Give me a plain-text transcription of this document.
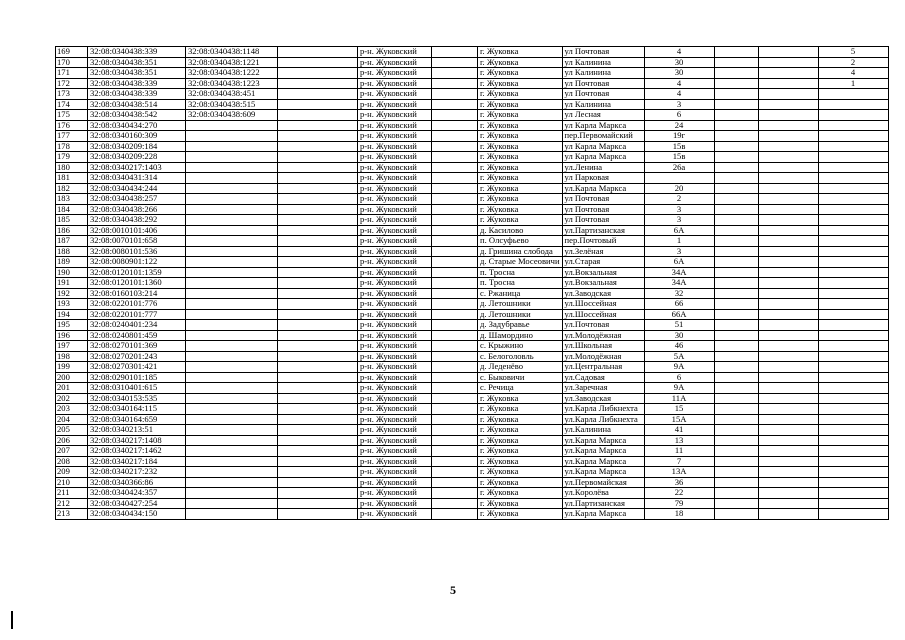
169	32:08:0340438:339	32:08:0340438:1148		р-н. Жуковский		г. Жуковка	ул Почтовая	4			5
170	32:08:0340438:351	32:08:0340438:1221		р-н. Жуковский		г. Жуковка	ул Калинина	30			2
171	32:08:0340438:351	32:08:0340438:1222		р-н. Жуковский		г. Жуковка	ул Калинина	30			4
172	32:08:0340438:339	32:08:0340438:1223		р-н. Жуковский		г. Жуковка	ул Почтовая	4			1
173	32:08:0340438:339	32:08:0340438:451		р-н. Жуковский		г. Жуковка	ул Почтовая	4			
174	32:08:0340438:514	32:08:0340438:515		р-н. Жуковский		г. Жуковка	ул Калинина	3			
175	32:08:0340438:542	32:08:0340438:609		р-н. Жуковский		г. Жуковка	ул Лесная	6			
176	32:08:0340434:270			р-н. Жуковский		г. Жуковка	ул Карла Маркса	24			
177	32:08:0340160:309			р-н. Жуковский		г. Жуковка	пер.Первомайский	19г			
178	32:08:0340209:184			р-н. Жуковский		г. Жуковка	ул Карла Маркса	15в			
179	32:08:0340209:228			р-н. Жуковский		г. Жуковка	ул Карла Маркса	15в			
180	32:08:0340217:1403			р-н. Жуковский		г. Жуковка	ул.Ленина	26а			
181	32:08:0340431:314			р-н. Жуковский		г. Жуковка	ул Парковая				
182	32:08:0340434:244			р-н. Жуковский		г. Жуковка	ул.Карла Маркса	20			
183	32:08:0340438:257			р-н. Жуковский		г. Жуковка	ул Почтовая	2			
184	32:08:0340438:266			р-н. Жуковский		г. Жуковка	ул Почтовая	3			
185	32:08:0340438:292			р-н. Жуковский		г. Жуковка	ул Почтовая	3			
186	32:08:0010101:406			р-н. Жуковский		д. Касилово	ул.Партизанская	6А			
187	32:08:0070101:658			р-н. Жуковский		п. Олсуфьево	пер.Почтовый	1			
188	32:08:0080101:536			р-н. Жуковский		д. Гришина слобода	ул.Зелёная	3			
189	32:08:0080901:122			р-н. Жуковский		д. Старые Мосеовичи	ул.Старая	6А			
190	32:08:0120101:1359			р-н. Жуковский		п. Тросна	ул.Вокзальная	34А			
191	32:08:0120101:1360			р-н. Жуковский		п. Тросна	ул.Вокзальная	34А			
192	32:08:0160103:214			р-н. Жуковский		с. Ржаница	ул.Заводская	32			
193	32:08:0220101:776			р-н. Жуковский		д. Летошники	ул.Шоссейная	66			
194	32:08:0220101:777			р-н. Жуковский		д. Летошники	ул.Шоссейная	66А			
195	32:08:0240401:234			р-н. Жуковский		д. Задубравье	ул.Почтовая	51			
196	32:08:0240801:459			р-н. Жуковский		д. Шамордино	ул.Молодёжная	30			
197	32:08:0270101:369			р-н. Жуковский		с. Крыжино	ул.Школьная	46			
198	32:08:0270201:243			р-н. Жуковский		с. Белоголовль	ул.Молодёжная	5А			
199	32:08:0270301:421			р-н. Жуковский		д. Леденёво	ул.Центральная	9А			
200	32:08:0290101:185			р-н. Жуковский		с. Быковичи	ул.Садовая	6			
201	32:08:0310401:615			р-н. Жуковский		с. Речица	ул.Заречная	9А			
202	32:08:0340153:535			р-н. Жуковский		г. Жуковка	ул.Заводская	11А			
203	32:08:0340164:115			р-н. Жуковский		г. Жуковка	ул.Карла Либкнехта	15			
204	32:08:0340164:659			р-н. Жуковский		г. Жуковка	ул.Карла Либкнехта	15А			
205	32:08:0340213:51			р-н. Жуковский		г. Жуковка	ул.Калинина	41			
206	32:08:0340217:1408			р-н. Жуковский		г. Жуковка	ул.Карла Маркса	13			
207	32:08:0340217:1462			р-н. Жуковский		г. Жуковка	ул.Карла Маркса	11			
208	32:08:0340217:184			р-н. Жуковский		г. Жуковка	ул.Карла Маркса	7			
209	32:08:0340217:232			р-н. Жуковский		г. Жуковка	ул.Карла Маркса	13А			
210	32:08:0340366:86			р-н. Жуковский		г. Жуковка	ул.Первомайская	36			
211	32:08:0340424:357			р-н. Жуковский		г. Жуковка	ул.Королёва	22			
212	32:08:0340427:254			р-н. Жуковский		г. Жуковка	ул.Партизанская	79			
213	32:08:0340434:150			р-н. Жуковский		г. Жуковка	ул.Карла Маркса	18			
5
